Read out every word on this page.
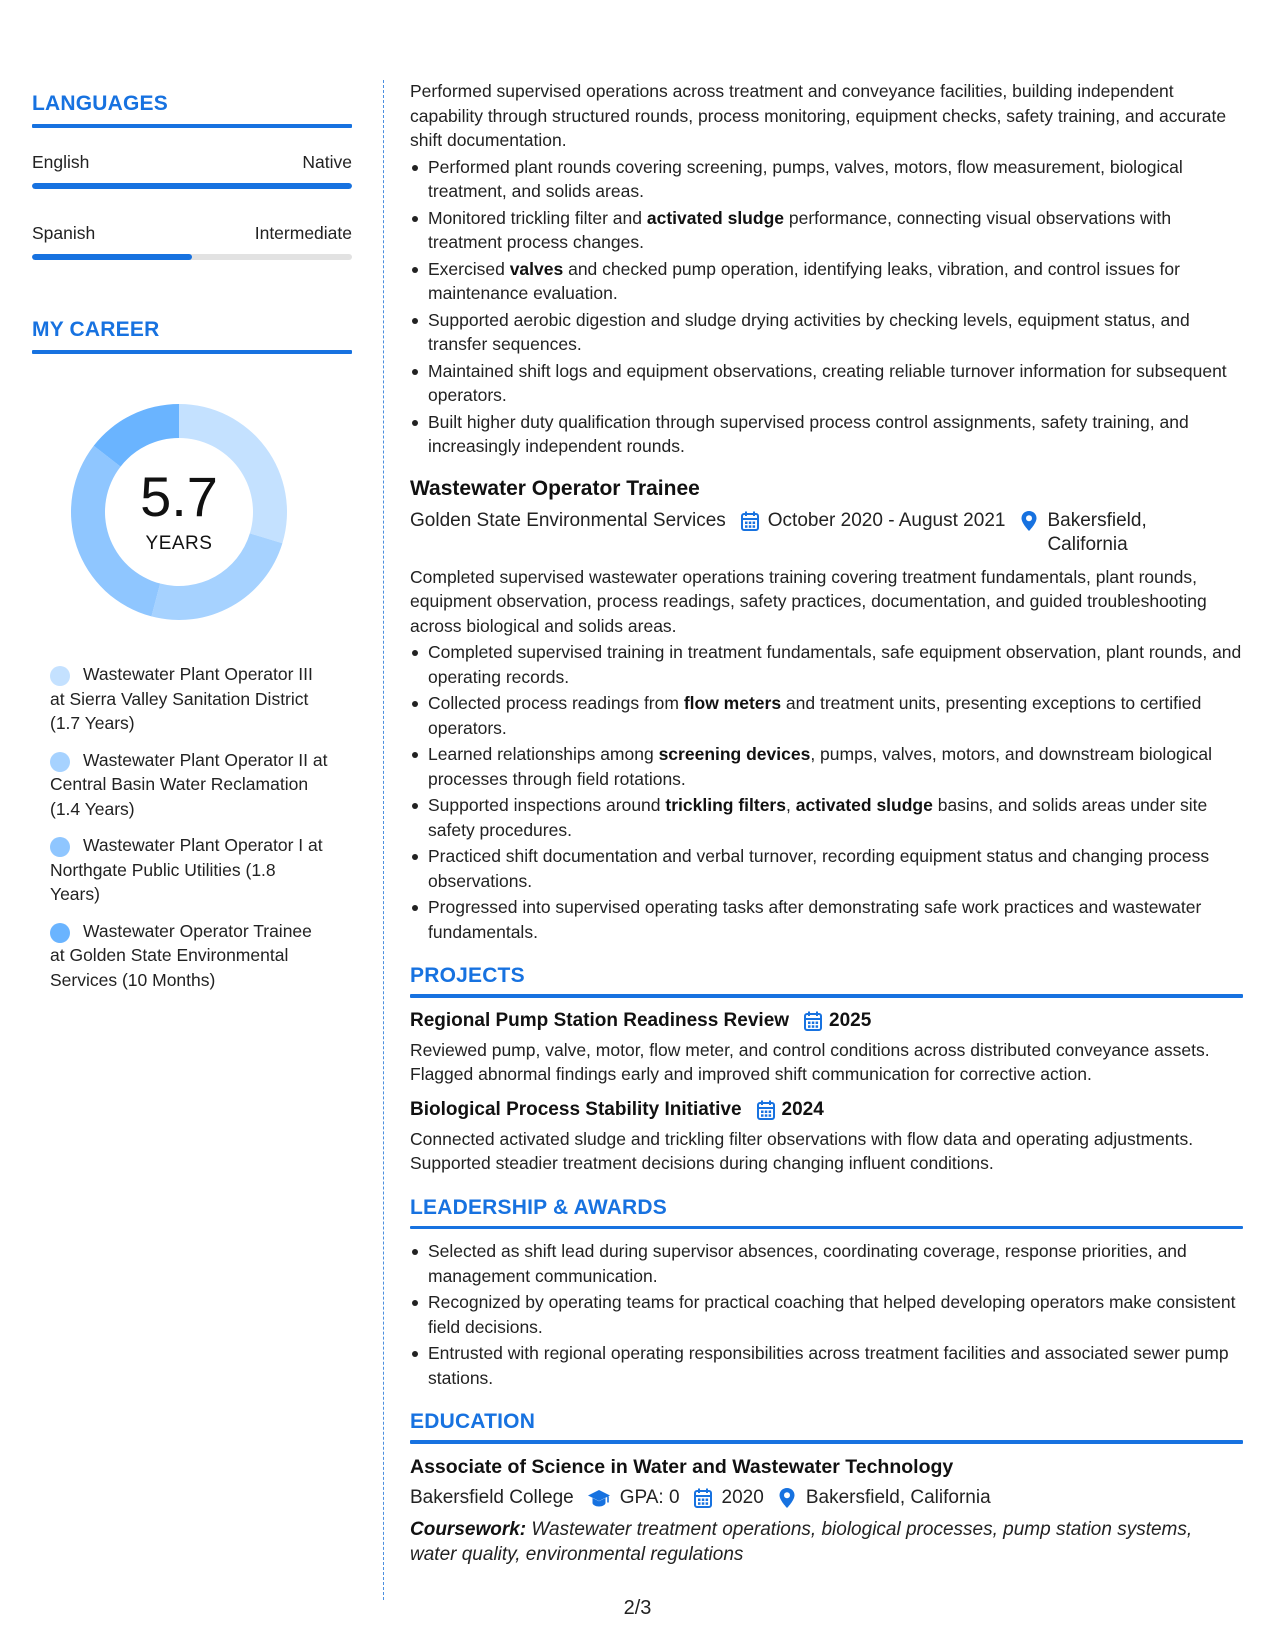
LANGUAGES
English	Native
Spanish	Intermediate
MY CAREER
5.7
YEARS
Wastewater Plant Operator III at Sierra Valley Sanitation District (1.7 Years)
Wastewater Plant Operator II at Central Basin Water Reclamation (1.4 Years)
Wastewater Plant Operator I at Northgate Public Utilities (1.8 Years)
Wastewater Operator Trainee at Golden State Environmental Services (10 Months)
Performed supervised operations across treatment and conveyance facilities, building independent capability through structured rounds, process monitoring, equipment checks, safety training, and accurate shift documentation.
Performed plant rounds covering screening, pumps, valves, motors, flow measurement, biological treatment, and solids areas.
Monitored trickling filter and activated sludge performance, connecting visual observations with treatment process changes.
Exercised valves and checked pump operation, identifying leaks, vibration, and control issues for maintenance evaluation.
Supported aerobic digestion and sludge drying activities by checking levels, equipment status, and transfer sequences.
Maintained shift logs and equipment observations, creating reliable turnover information for subsequent operators.
Built higher duty qualification through supervised process control assignments, safety training, and increasingly independent rounds.
Wastewater Operator Trainee
Golden State Environmental Services October 2020 - August 2021 Bakersfield, California
Completed supervised wastewater operations training covering treatment fundamentals, plant rounds, equipment observation, process readings, safety practices, documentation, and guided troubleshooting across biological and solids areas.
Completed supervised training in treatment fundamentals, safe equipment observation, plant rounds, and operating records.
Collected process readings from flow meters and treatment units, presenting exceptions to certified operators.
Learned relationships among screening devices, pumps, valves, motors, and downstream biological processes through field rotations.
Supported inspections around trickling filters, activated sludge basins, and solids areas under site safety procedures.
Practiced shift documentation and verbal turnover, recording equipment status and changing process observations.
Progressed into supervised operating tasks after demonstrating safe work practices and wastewater fundamentals.
PROJECTS
Regional Pump Station Readiness Review 2025
Reviewed pump, valve, motor, flow meter, and control conditions across distributed conveyance assets. Flagged abnormal findings early and improved shift communication for corrective action.
Biological Process Stability Initiative 2024
Connected activated sludge and trickling filter observations with flow data and operating adjustments. Supported steadier treatment decisions during changing influent conditions.
LEADERSHIP & AWARDS
Selected as shift lead during supervisor absences, coordinating coverage, response priorities, and management communication.
Recognized by operating teams for practical coaching that helped developing operators make consistent field decisions.
Entrusted with regional operating responsibilities across treatment facilities and associated sewer pump stations.
EDUCATION
Associate of Science in Water and Wastewater Technology
Bakersfield College GPA: 0 2020 Bakersfield, California
Coursework: Wastewater treatment operations, biological processes, pump station systems, water quality, environmental regulations
2/3
